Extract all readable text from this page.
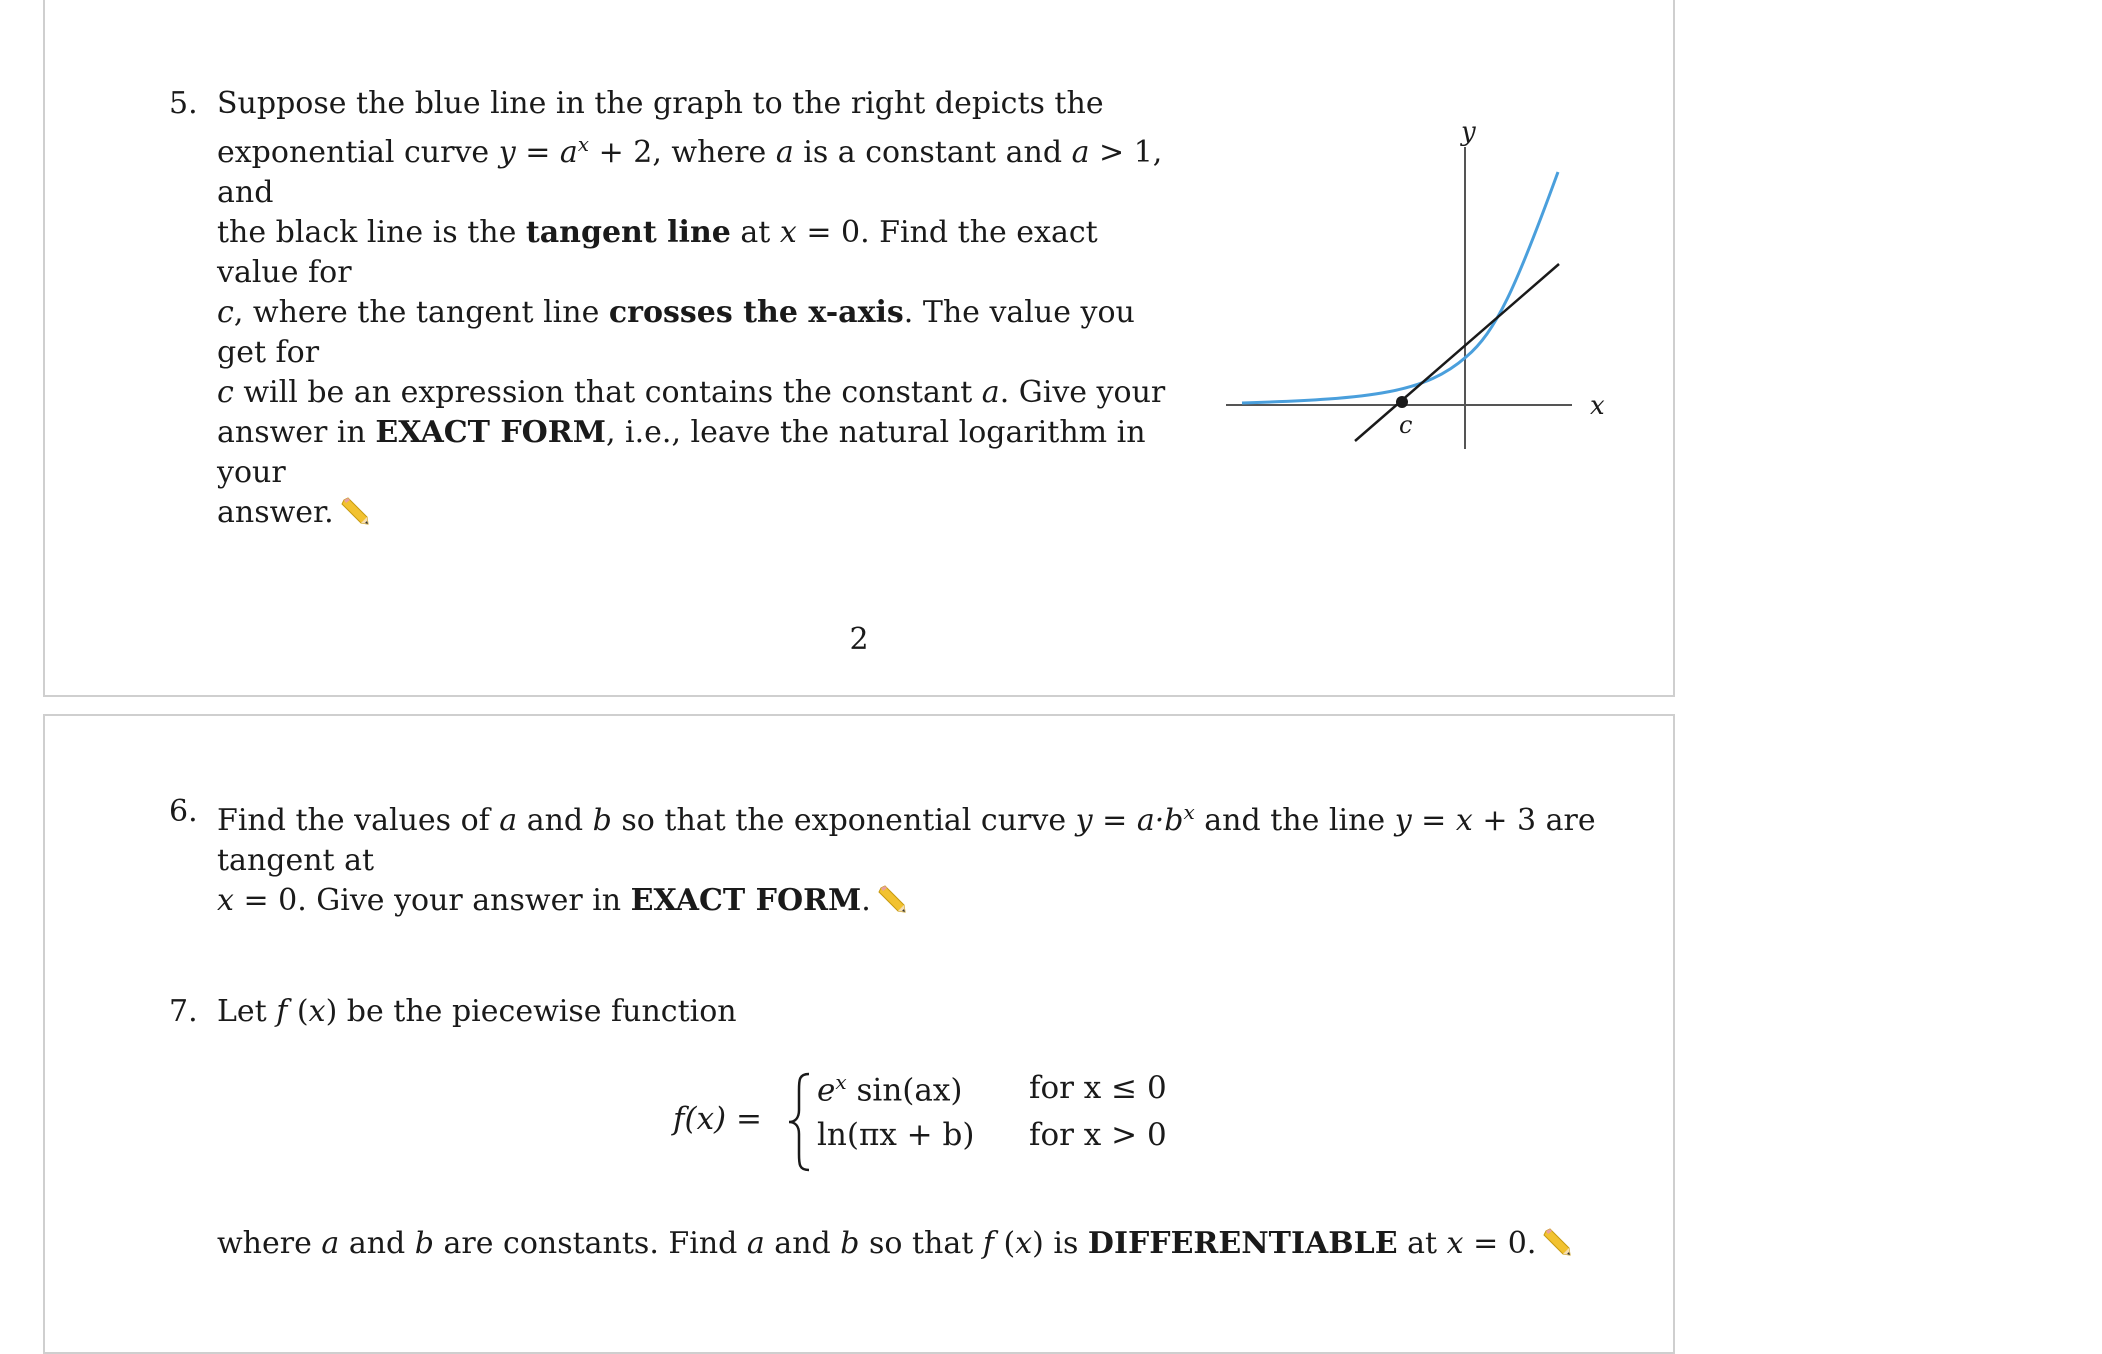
5. Suppose the blue line in the graph to the right depicts the
exponential curve $y = a^x + 2$, where a is a constant and a > 1, and
the black line is the tangent line at x = 0. Find the exact value for
c, where the tangent line crosses the x-axis. The value you get for
c will be an expression that contains the constant a. Give your
answer in EXACT FORM, i.e., leave the natural logarithm in your
answer.
y
x
c
2
6. Find the values of a and b so that the exponential curve $y = a\cdot b^x$ and the line y = x + 3 are tangent at
x = 0. Give your answer in EXACT FORM.
7. Let f (x) be the piecewise function
f(x) =
$e^x$ sin(ax) for x ≤ 0
ln(πx + b) for x > 0
where a and b are constants. Find a and b so that f (x) is DIFFERENTIABLE at x = 0.
